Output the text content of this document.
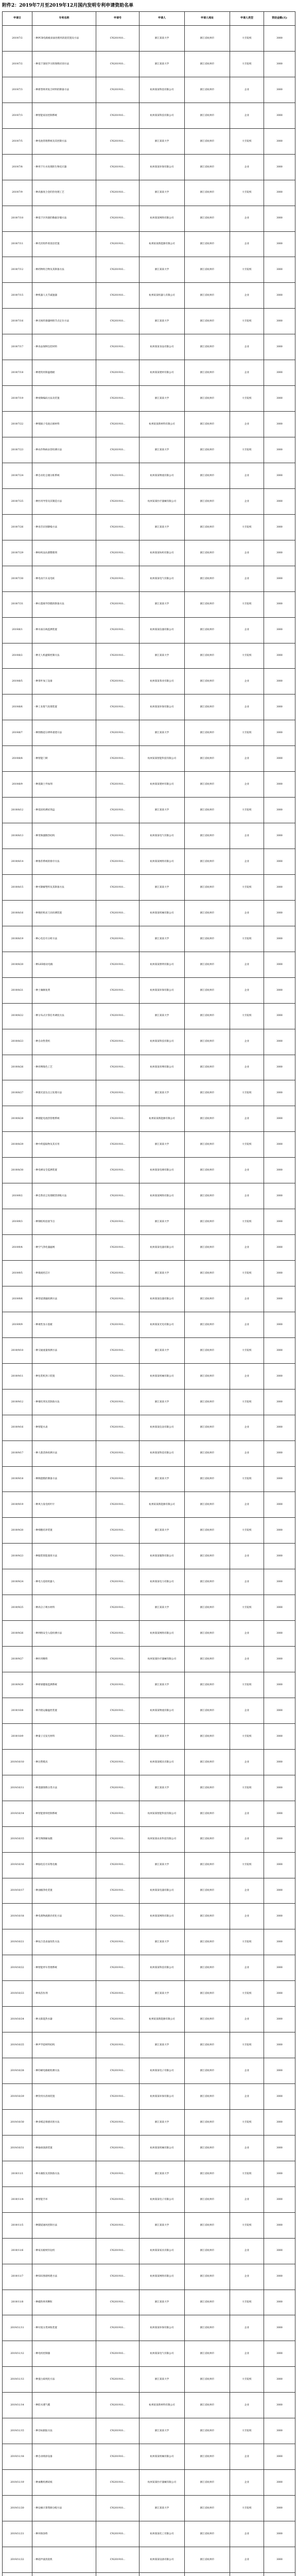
附件2：2019年7月至2019年12月国内发明专利申请资助名单
申请日	专利名称	申请号	申请人	申请人地址	申请人类型	资助金额(元)
2019/7/2	一种PCB电路板表面处理用清洗装置及方法	CN201910...	浙江某某大学	浙江省杭州市	大专院校	3000
2019/7/2	一种基于深度学习的图像识别方法	CN201910...	浙江某某大学	浙江省杭州市	大专院校	3000
2019/7/3	一种新型纳米复合材料的制备方法	CN201910...	杭州某某科技有限公司	浙江省杭州市	企业	3000
2019/7/3	一种智能家居控制系统	CN201910...	杭州某某科技有限公司	浙江省杭州市	企业	3000
2019/7/5	一种电池管理系统及其控制方法	CN201910...	浙江某某大学	浙江省杭州市	大专院校	3000
2019/7/8	一种用于污水处理的生物反应器	CN201910...	杭州某某环保有限公司	浙江省杭州市	企业	3000
2019/7/9	一种高强度合金的热处理工艺	CN201910...	浙江某某大学	浙江省杭州市	大专院校	3000
2019/7/10	一种基于区块链的数据存储方法	CN201910...	杭州某某网络有限公司	浙江省杭州市	企业	3000
2019/7/11	一种光伏组件的清洁装置	CN201910...	杭州某某新能源有限公司	浙江省杭州市	企业	3000
2019/7/12	一种药物组合物及其制备方法	CN201910...	浙江某某大学	浙江省杭州市	大专院校	3000
2019/7/15	一种机器人关节减速器	CN201910...	杭州某某机器人有限公司	浙江省杭州市	企业	3000
2019/7/16	一种无线传感器网络节点定位方法	CN201910...	浙江某某大学	浙江省杭州市	大专院校	3000
2019/7/17	一种食品保鲜包装材料	CN201910...	杭州某某食品有限公司	浙江省杭州市	企业	3000
2019/7/18	一种建筑用保温墙板	CN201910...	杭州某某建材有限公司	浙江省杭州市	企业	3000
2019/7/19	一种视频编码方法及装置	CN201910...	浙江某某大学	浙江省杭州市	大专院校	3000
2019/7/22	一种锂离子电池正极材料	CN201910...	杭州某某新材料有限公司	浙江省杭州市	企业	3000
2019/7/23	一种农作物病虫害检测方法	CN201910...	浙江某某大学	浙江省杭州市	大专院校	3000
2019/7/24	一种自动化仓储分拣系统	CN201910...	杭州某某物流有限公司	浙江省杭州市	企业	3000
2019/7/25	一种医用导管及其制造方法	CN201910...	杭州某某医疗器械有限公司	浙江省杭州市	企业	3000
2019/7/26	一种语音识别降噪方法	CN201910...	浙江某某大学	浙江省杭州市	大专院校	3000
2019/7/29	一种纺织品抗菌整理剂	CN201910...	杭州某某纺织有限公司	浙江省杭州市	企业	3000
2019/7/30	一种电动汽车充电桩	CN201910...	杭州某某电气有限公司	浙江省杭州市	企业	3000
2019/7/31	一种石墨烯导热膜的制备方法	CN201910...	浙江某某大学	浙江省杭州市	大专院校	3000
2019/8/1	一种水质在线监测装置	CN201910...	杭州某某仪器有限公司	浙江省杭州市	企业	3000
2019/8/2	一种无人机避障控制方法	CN201910...	浙江某某大学	浙江省杭州市	大专院校	3000
2019/8/5	一种茶叶加工设备	CN201910...	杭州某某茶业有限公司	浙江省杭州市	企业	3000
2019/8/6	一种工业废气处理装置	CN201910...	杭州某某环保有限公司	浙江省杭州市	企业	3000
2019/8/7	一种图像超分辨率重建方法	CN201910...	浙江某某大学	浙江省杭州市	大专院校	3000
2019/8/8	一种智能门锁	CN201910...	杭州某某智能科技有限公司	浙江省杭州市	企业	3000
2019/8/9	一种混凝土外加剂	CN201910...	杭州某某建材有限公司	浙江省杭州市	企业	3000
2019/8/12	一种基因检测试剂盒	CN201910...	浙江某某大学	浙江省杭州市	大专院校	3000
2019/8/13	一种变频器散热结构	CN201910...	杭州某某电气有限公司	浙江省杭州市	企业	3000
2019/8/14	一种推荐系统的排序方法	CN201910...	杭州某某网络有限公司	浙江省杭州市	企业	3000
2019/8/15	一种可降解塑料及其制备方法	CN201910...	浙江某某大学	浙江省杭州市	大专院校	3000
2019/8/16	一种数控机床刀具检测装置	CN201910...	杭州某某机械有限公司	浙江省杭州市	企业	3000
2019/8/19	一种心电信号分析方法	CN201910...	浙江某某大学	浙江省杭州市	大专院校	3000
2019/8/20	一种LED驱动电路	CN201910...	杭州某某照明有限公司	浙江省杭州市	企业	3000
2019/8/21	一种土壤修复剂	CN201910...	杭州某某环保有限公司	浙江省杭州市	企业	3000
2019/8/22	一种分布式计算任务调度方法	CN201910...	浙江某某大学	浙江省杭州市	大专院校	3000
2019/8/23	一种自动售货机	CN201910...	杭州某某科技有限公司	浙江省杭州市	企业	3000
2019/8/26	一种丝绸染色工艺	CN201910...	杭州某某丝绸有限公司	浙江省杭州市	企业	3000
2019/8/27	一种激光雷达点云处理方法	CN201910...	浙江某某大学	浙江省杭州市	大专院校	3000
2019/8/28	一种储能电池热管理系统	CN201910...	杭州某某新能源有限公司	浙江省杭州市	企业	3000
2019/8/29	一种中药提取物及其应用	CN201910...	浙江某某大学	浙江省杭州市	大专院校	3000
2019/8/30	一种电梯安全监测装置	CN201910...	杭州某某电梯有限公司	浙江省杭州市	企业	3000
2019/9/2	一种自然语言处理模型训练方法	CN201910...	杭州某某网络有限公司	浙江省杭州市	企业	3000
2019/9/3	一种钢结构连接节点	CN201910...	浙江某某大学	浙江省杭州市	大专院校	3000
2019/9/4	一种空气净化器滤网	CN201910...	杭州某某电器有限公司	浙江省杭州市	企业	3000
2019/9/5	一种微流控芯片	CN201910...	浙江某某大学	浙江省杭州市	大专院校	3000
2019/9/6	一种管道泄漏检测方法	CN201910...	杭州某某仪器有限公司	浙江省杭州市	企业	3000
2019/9/9	一种柔性显示基板	CN201910...	杭州某某光电有限公司	浙江省杭州市	企业	3000
2019/9/10	一种交通流量预测方法	CN201910...	浙江某某大学	浙江省杭州市	大专院校	3000
2019/9/11	一种包装机封口装置	CN201910...	杭州某某机械有限公司	浙江省杭州市	企业	3000
2019/9/12	一种催化剂及其制备方法	CN201910...	浙江某某大学	浙江省杭州市	大专院校	3000
2019/9/16	一种智能水表	CN201910...	杭州某某仪表有限公司	浙江省杭州市	企业	3000
2019/9/17	一种人脸活体检测方法	CN201910...	杭州某某科技有限公司	浙江省杭州市	企业	3000
2019/9/18	一种陶瓷膜的制备方法	CN201910...	浙江某某大学	浙江省杭州市	大专院校	3000
2019/9/19	一种风力发电机叶片	CN201910...	杭州某某新能源有限公司	浙江省杭州市	企业	3000
2019/9/20	一种细胞培养装置	CN201910...	浙江某某大学	浙江省杭州市	大专院校	3000
2019/9/23	一种服装智能裁剪方法	CN201910...	杭州某某服饰有限公司	浙江省杭州市	企业	3000
2019/9/24	一种电力巡检机器人	CN201910...	杭州某某电力有限公司	浙江省杭州市	企业	3000
2019/9/25	一种高分子吸水材料	CN201910...	浙江某某大学	浙江省杭州市	大专院校	3000
2019/9/26	一种网络安全入侵检测方法	CN201910...	杭州某某网络有限公司	浙江省杭州市	企业	3000
2019/9/27	一种医用敷料	CN201910...	杭州某某医疗器械有限公司	浙江省杭州市	企业	3000
2019/9/29	一种桥梁健康监测系统	CN201910...	浙江某某大学	浙江省杭州市	大专院校	3000
2019/10/8	一种冷链运输温控装置	CN201910...	杭州某某物流有限公司	浙江省杭州市	企业	3000
2019/10/9	一种量子点发光材料	CN201910...	浙江某某大学	浙江省杭州市	大专院校	3000
2019/10/10	一种注塑模具	CN201910...	杭州某某模具有限公司	浙江省杭州市	企业	3000
2019/10/11	一种遥感图像分类方法	CN201910...	浙江某某大学	浙江省杭州市	大专院校	3000
2019/10/14	一种智能窗帘控制系统	CN201910...	杭州某某智能科技有限公司	浙江省杭州市	企业	3000
2019/10/15	一种生物降解农膜	CN201910...	杭州某某农业科技有限公司	浙江省杭州市	企业	3000
2019/10/16	一种脑电信号采集电极	CN201910...	浙江某某大学	浙江省杭州市	大专院校	3000
2019/10/17	一种油烟净化装置	CN201910...	杭州某某电器有限公司	浙江省杭州市	企业	3000
2019/10/18	一种电商物流路径优化方法	CN201910...	杭州某某网络有限公司	浙江省杭州市	企业	3000
2019/10/21	一种钛合金表面改性方法	CN201910...	浙江某某大学	浙江省杭州市	大专院校	3000
2019/10/22	一种智能停车管理系统	CN201910...	杭州某某科技有限公司	浙江省杭州市	企业	3000
2019/10/23	一种疫苗佐剂	CN201910...	浙江某某大学	浙江省杭州市	大专院校	3000
2019/10/24	一种太阳能热水器	CN201910...	杭州某某新能源有限公司	浙江省杭州市	企业	3000
2019/10/25	一种声学超材料结构	CN201910...	浙江某某大学	浙江省杭州市	大专院校	3000
2019/10/28	一种印刷电路板检测方法	CN201910...	杭州某某电子有限公司	浙江省杭州市	企业	3000
2019/10/29	一种饮用水消毒装置	CN201910...	杭州某某环保有限公司	浙江省杭州市	企业	3000
2019/10/30	一种多模态情感识别方法	CN201910...	浙江某某大学	浙江省杭州市	大专院校	3000
2019/10/31	一种轴承润滑装置	CN201910...	杭州某某机械有限公司	浙江省杭州市	企业	3000
2019/11/1	一种水凝胶及其制备方法	CN201910...	浙江某某大学	浙江省杭州市	大专院校	3000
2019/11/4	一种智能手环	CN201910...	杭州某某电子有限公司	浙江省杭州市	企业	3000
2019/11/5	一种隧道通风控制方法	CN201910...	浙江某某大学	浙江省杭州市	大专院校	3000
2019/11/6	一种家具板材封边机	CN201910...	杭州某某家具有限公司	浙江省杭州市	企业	3000
2019/11/7	一种知识图谱构建方法	CN201910...	杭州某某网络有限公司	浙江省杭州市	企业	3000
2019/11/8	一种磁性纳米颗粒	CN201910...	浙江某某大学	浙江省杭州市	大专院校	3000
2019/11/11	一种垃圾分类回收装置	CN201910...	杭州某某环保有限公司	浙江省杭州市	企业	3000
2019/11/12	一种电机控制器	CN201910...	杭州某某电气有限公司	浙江省杭州市	企业	3000
2019/11/13	一种蛋白质纯化方法	CN201910...	浙江某某大学	浙江省杭州市	大专院校	3000
2019/11/14	一种防水透气膜	CN201910...	杭州某某新材料有限公司	浙江省杭州市	企业	3000
2019/11/15	一种目标跟踪方法	CN201910...	浙江某某大学	浙江省杭州市	大专院校	3000
2019/11/18	一种自动喷涂设备	CN201910...	杭州某某机械有限公司	浙江省杭州市	企业	3000
2019/11/19	一种血糖检测试纸	CN201910...	杭州某某医疗器械有限公司	浙江省杭州市	企业	3000
2019/11/20	一种边缘计算资源分配方法	CN201910...	浙江某某大学	浙江省杭州市	大专院校	3000
2019/11/21	一种环保涂料	CN201910...	杭州某某化工有限公司	浙江省杭州市	企业	3000
2019/11/22	一种超声波清洗机	CN201910...	杭州某某设备有限公司	浙江省杭州市	企业	3000
